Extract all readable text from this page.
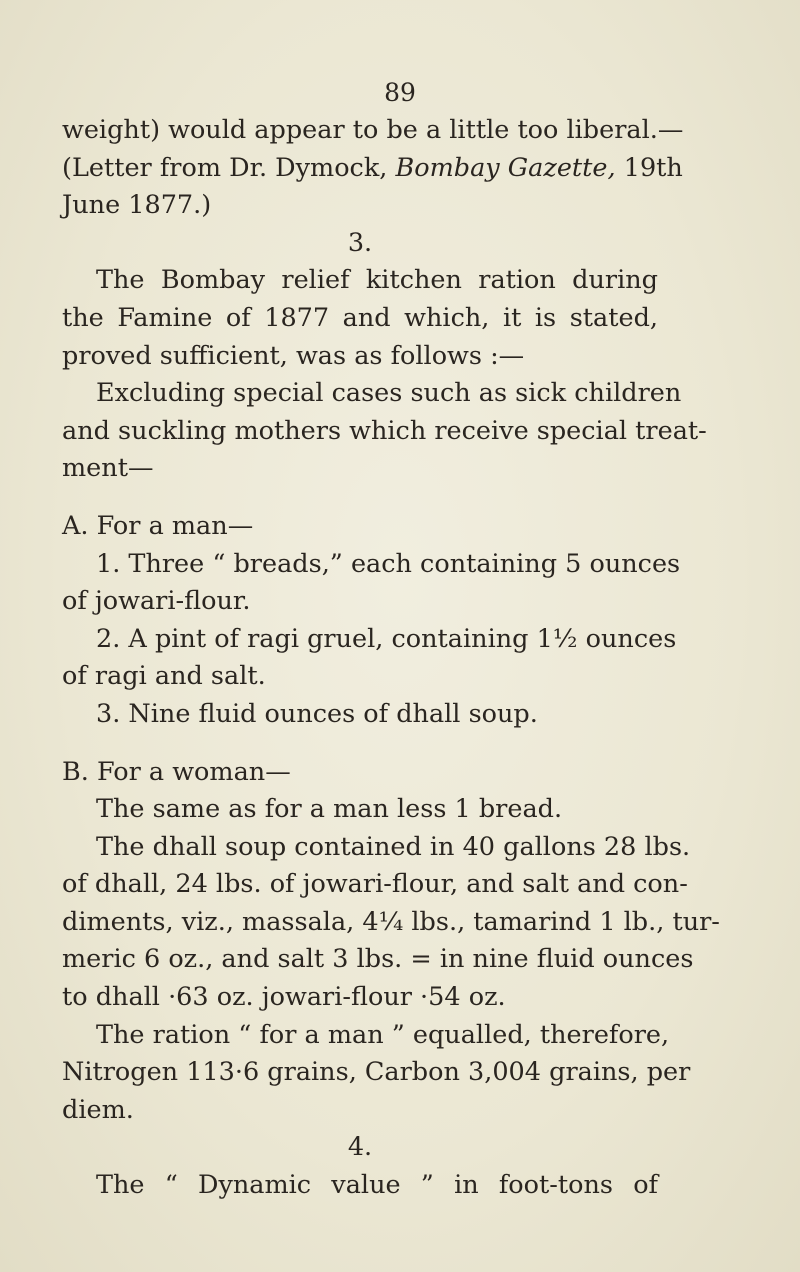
89
weight) would appear to be a little too liberal.—
(Letter from Dr. Dymock, Bombay Gazette, 19th
June 1877.)
3.
The Bombay relief kitchen ration during
the Famine of 1877 and which, it is stated,
proved sufficient, was as follows :—
Excluding special cases such as sick children
and suckling mothers which receive special treat-
ment—
A. For a man—
1. Three “ breads,” each containing 5 ounces
of jowari-flour.
2. A pint of ragi gruel, containing 1½ ounces
of ragi and salt.
3. Nine fluid ounces of dhall soup.
B. For a woman—
The same as for a man less 1 bread.
The dhall soup contained in 40 gallons 28 lbs.
of dhall, 24 lbs. of jowari-flour, and salt and con-
diments, viz., massala, 4¼ lbs., tamarind 1 lb., tur-
meric 6 oz., and salt 3 lbs. = in nine fluid ounces
to dhall ·63 oz. jowari-flour ·54 oz.
The ration “ for a man ” equalled, therefore,
Nitrogen 113·6 grains, Carbon 3,004 grains, per
diem.
4.
The “ Dynamic value ” in foot-tons of
